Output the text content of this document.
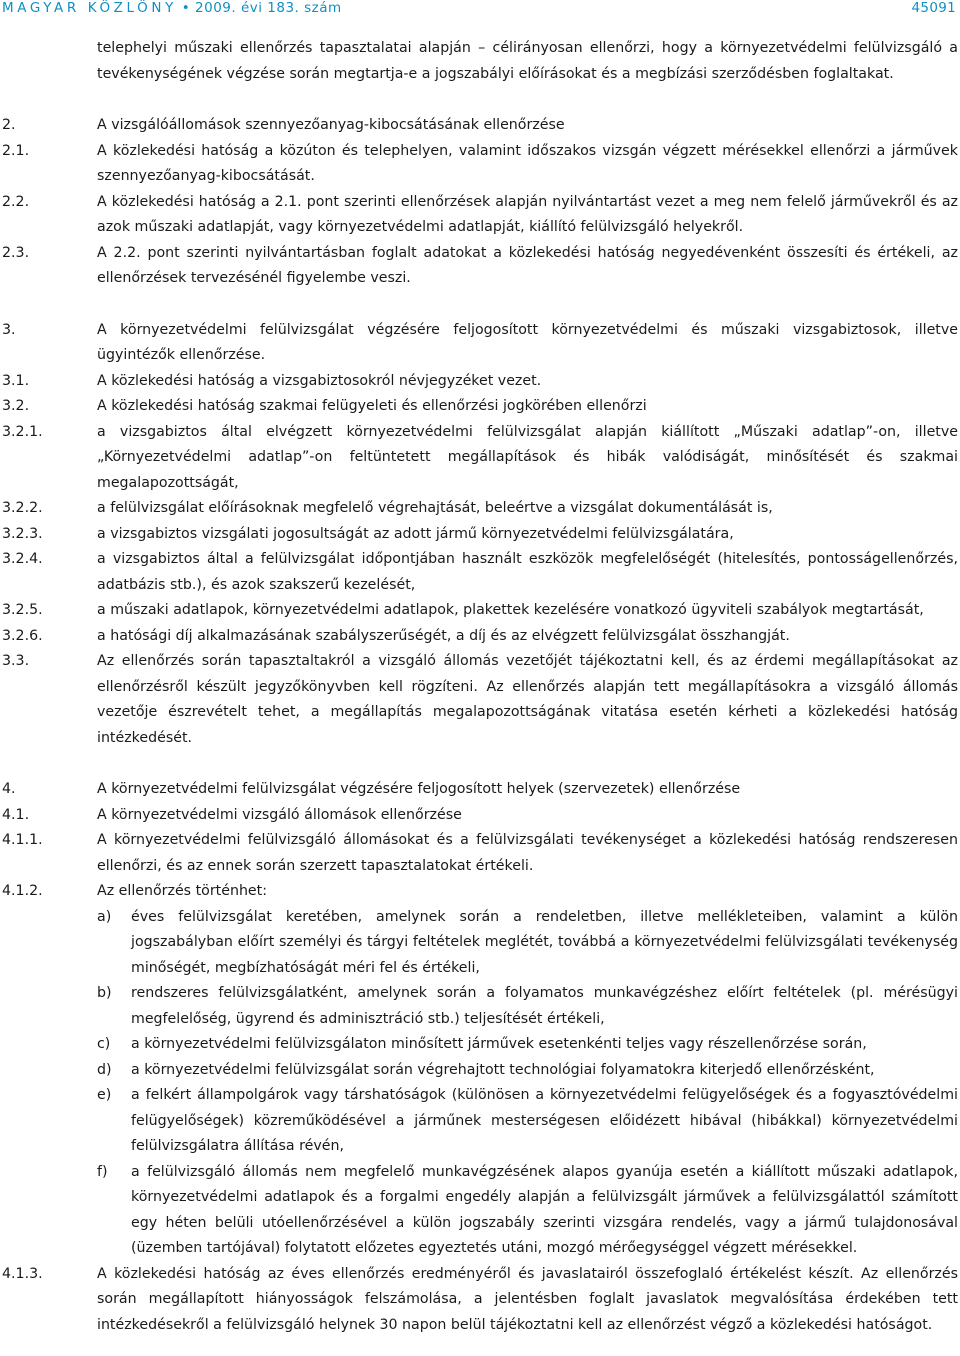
MAGYAR KÖZLÖNY • 2009. évi 183. szám	45091
telephelyi műszaki ellenőrzés tapasztalatai alapján – célirányosan ellenőrzi, hogy a környezetvédelmi felülvizsgáló a tevékenységének végzése során megtartja-e a jogszabályi előírásokat és a megbízási szerződésben foglaltakat.
2.	A vizsgálóállomások szennyezőanyag-kibocsátásának ellenőrzése
2.1.	A közlekedési hatóság a közúton és telephelyen, valamint időszakos vizsgán végzett mérésekkel ellenőrzi a járművek szennyezőanyag-kibocsátását.
2.2.	A közlekedési hatóság a 2.1. pont szerinti ellenőrzések alapján nyilvántartást vezet a meg nem felelő járművekről és az azok műszaki adatlapját, vagy környezetvédelmi adatlapját, kiállító felülvizsgáló helyekről.
2.3.	A 2.2. pont szerinti nyilvántartásban foglalt adatokat a közlekedési hatóság negyedévenként összesíti és értékeli, az ellenőrzések tervezésénél figyelembe veszi.
3.	A környezetvédelmi felülvizsgálat végzésére feljogosított környezetvédelmi és műszaki vizsgabiztosok, illetve ügyintézők ellenőrzése.
3.1.	A közlekedési hatóság a vizsgabiztosokról névjegyzéket vezet.
3.2.	A közlekedési hatóság szakmai felügyeleti és ellenőrzési jogkörében ellenőrzi
3.2.1.	a vizsgabiztos által elvégzett környezetvédelmi felülvizsgálat alapján kiállított „Műszaki adatlap”-on, illetve „Környezetvédelmi adatlap”-on feltüntetett megállapítások és hibák valódiságát, minősítését és szakmai megalapozottságát,
3.2.2.	a felülvizsgálat előírásoknak megfelelő végrehajtását, beleértve a vizsgálat dokumentálását is,
3.2.3.	a vizsgabiztos vizsgálati jogosultságát az adott jármű környezetvédelmi felülvizsgálatára,
3.2.4.	a vizsgabiztos által a felülvizsgálat időpontjában használt eszközök megfelelőségét (hitelesítés, pontosságellenőrzés, adatbázis stb.), és azok szakszerű kezelését,
3.2.5.	a műszaki adatlapok, környezetvédelmi adatlapok, plakettek kezelésére vonatkozó ügyviteli szabályok megtartását,
3.2.6.	a hatósági díj alkalmazásának szabályszerűségét, a díj és az elvégzett felülvizsgálat összhangját.
3.3.	Az ellenőrzés során tapasztaltakról a vizsgáló állomás vezetőjét tájékoztatni kell, és az érdemi megállapításokat az ellenőrzésről készült jegyzőkönyvben kell rögzíteni. Az ellenőrzés alapján tett megállapításokra a vizsgáló állomás vezetője észrevételt tehet, a megállapítás megalapozottságának vitatása esetén kérheti a közlekedési hatóság intézkedését.
4.	A környezetvédelmi felülvizsgálat végzésére feljogosított helyek (szervezetek) ellenőrzése
4.1.	A környezetvédelmi vizsgáló állomások ellenőrzése
4.1.1.	A környezetvédelmi felülvizsgáló állomásokat és a felülvizsgálati tevékenységet a közlekedési hatóság rendszeresen ellenőrzi, és az ennek során szerzett tapasztalatokat értékeli.
4.1.2.	Az ellenőrzés történhet:
a)	éves felülvizsgálat keretében, amelynek során a rendeletben, illetve mellékleteiben, valamint a külön jogszabályban előírt személyi és tárgyi feltételek meglétét, továbbá a környezetvédelmi felülvizsgálati tevékenység minőségét, megbízhatóságát méri fel és értékeli,
b)	rendszeres felülvizsgálatként, amelynek során a folyamatos munkavégzéshez előírt feltételek (pl. mérésügyi megfelelőség, ügyrend és adminisztráció stb.) teljesítését értékeli,
c)	a környezetvédelmi felülvizsgálaton minősített járművek esetenkénti teljes vagy részellenőrzése során,
d)	a környezetvédelmi felülvizsgálat során végrehajtott technológiai folyamatokra kiterjedő ellenőrzésként,
e)	a felkért állampolgárok vagy társhatóságok (különösen a környezetvédelmi felügyelőségek és a fogyasztóvédelmi felügyelőségek) közreműködésével a járműnek mesterségesen előidézett hibával (hibákkal) környezetvédelmi felülvizsgálatra állítása révén,
f)	a felülvizsgáló állomás nem megfelelő munkavégzésének alapos gyanúja esetén a kiállított műszaki adatlapok, környezetvédelmi adatlapok és a forgalmi engedély alapján a felülvizsgált járművek a felülvizsgálattól számított egy héten belüli utóellenőrzésével a külön jogszabály szerinti vizsgára rendelés, vagy a jármű tulajdonosával (üzemben tartójával) folytatott előzetes egyeztetés utáni, mozgó mérőegységgel végzett mérésekkel.
4.1.3.	A közlekedési hatóság az éves ellenőrzés eredményéről és javaslatairól összefoglaló értékelést készít. Az ellenőrzés során megállapított hiányosságok felszámolása, a jelentésben foglalt javaslatok megvalósítása érdekében tett intézkedésekről a felülvizsgáló helynek 30 napon belül tájékoztatni kell az ellenőrzést végző a közlekedési hatóságot.
